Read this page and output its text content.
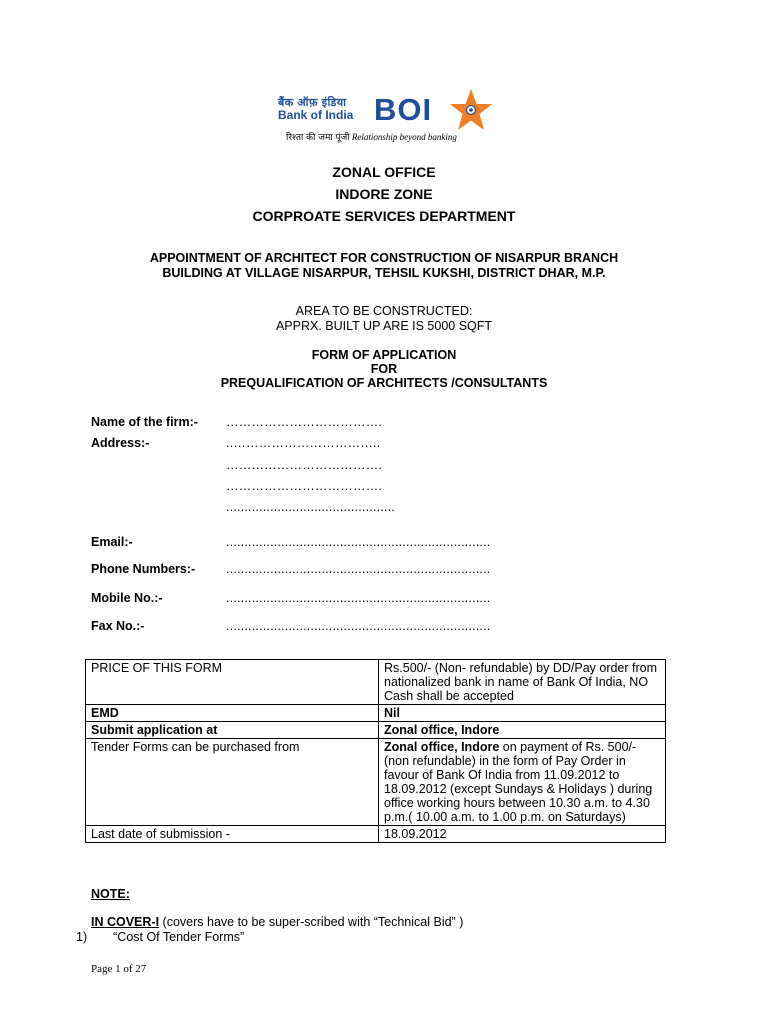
बैंक ऑफ़ इंडिया
Bank of India BOI
रिश्ता की जमा पूंजी Relationship beyond banking
ZONAL OFFICE
INDORE ZONE
CORPROATE SERVICES DEPARTMENT
APPOINTMENT OF ARCHITECT FOR CONSTRUCTION OF NISARPUR BRANCH
BUILDING AT VILLAGE NISARPUR, TEHSIL KUKSHI, DISTRICT DHAR, M.P.
AREA TO BE CONSTRUCTED:
APPRX. BUILT UP ARE IS 5000 SQFT
FORM OF APPLICATION
FOR
PREQUALIFICATION OF ARCHITECTS /CONSULTANTS
Name of the firm:- ……………………………….
Address:-	..……………………………..
……………………………….
……………………………….
..............................................
Email:-	........................................................................
Phone Numbers:- ........................................................................
Mobile No.:-	........................................................................
Fax No.:-	........................................................................
PRICE OF THIS FORM	Rs.500/- (Non- refundable) by DD/Pay order from nationalized bank in name of Bank Of India, NO Cash shall be accepted
EMD	Nil
Submit application at	Zonal office, Indore
Tender Forms can be purchased from	Zonal office, Indore on payment of Rs. 500/- (non refundable) in the form of Pay Order in favour of Bank Of India from 11.09.2012 to 18.09.2012 (except Sundays & Holidays ) during office working hours between 10.30 a.m. to 4.30 p.m.( 10.00 a.m. to 1.00 p.m. on Saturdays)
Last date of submission -	18.09.2012
NOTE:
IN COVER-I (covers have to be super-scribed with “Technical Bid” )
1) “Cost Of Tender Forms”
Page 1 of 27
